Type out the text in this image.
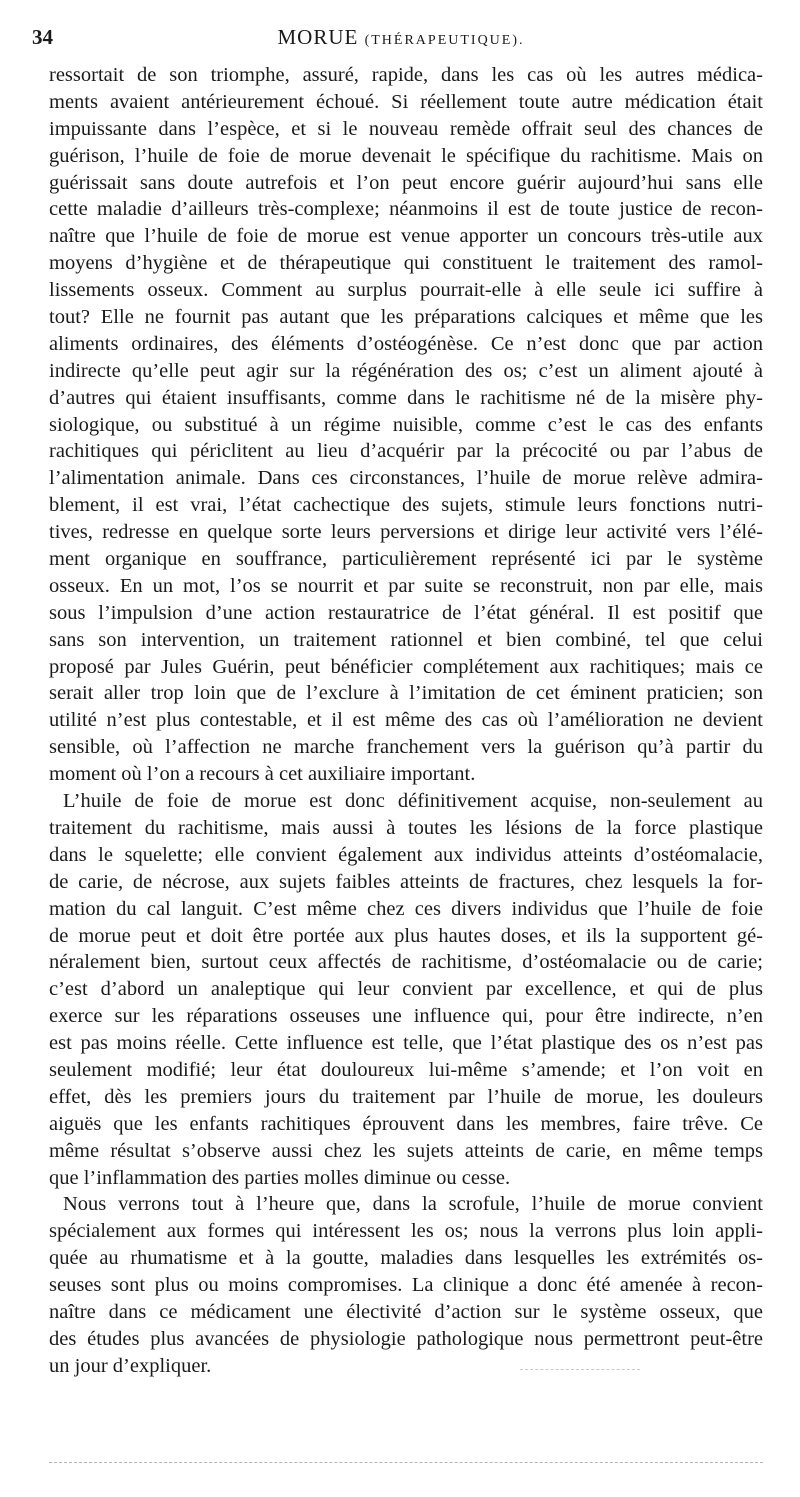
34	MORUE (THÉRAPEUTIQUE).
ressortait de son triomphe, assuré, rapide, dans les cas où les autres médica-
ments avaient antérieurement échoué. Si réellement toute autre médication était
impuissante dans l’espèce, et si le nouveau remède offrait seul des chances de
guérison, l’huile de foie de morue devenait le spécifique du rachitisme. Mais on
guérissait sans doute autrefois et l’on peut encore guérir aujourd’hui sans elle
cette maladie d’ailleurs très-complexe; néanmoins il est de toute justice de recon-
naître que l’huile de foie de morue est venue apporter un concours très-utile aux
moyens d’hygiène et de thérapeutique qui constituent le traitement des ramol-
lissements osseux. Comment au surplus pourrait-elle à elle seule ici suffire à
tout? Elle ne fournit pas autant que les préparations calciques et même que les
aliments ordinaires, des éléments d’ostéogénèse. Ce n’est donc que par action
indirecte qu’elle peut agir sur la régénération des os; c’est un aliment ajouté à
d’autres qui étaient insuffisants, comme dans le rachitisme né de la misère phy-
siologique, ou substitué à un régime nuisible, comme c’est le cas des enfants
rachitiques qui périclitent au lieu d’acquérir par la précocité ou par l’abus de
l’alimentation animale. Dans ces circonstances, l’huile de morue relève admira-
blement, il est vrai, l’état cachectique des sujets, stimule leurs fonctions nutri-
tives, redresse en quelque sorte leurs perversions et dirige leur activité vers l’élé-
ment organique en souffrance, particulièrement représenté ici par le système
osseux. En un mot, l’os se nourrit et par suite se reconstruit, non par elle, mais
sous l’impulsion d’une action restauratrice de l’état général. Il est positif que
sans son intervention, un traitement rationnel et bien combiné, tel que celui
proposé par Jules Guérin, peut bénéficier complétement aux rachitiques; mais ce
serait aller trop loin que de l’exclure à l’imitation de cet éminent praticien; son
utilité n’est plus contestable, et il est même des cas où l’amélioration ne devient
sensible, où l’affection ne marche franchement vers la guérison qu’à partir du
moment où l’on a recours à cet auxiliaire important.
L’huile de foie de morue est donc définitivement acquise, non-seulement au
traitement du rachitisme, mais aussi à toutes les lésions de la force plastique
dans le squelette; elle convient également aux individus atteints d’ostéomalacie,
de carie, de nécrose, aux sujets faibles atteints de fractures, chez lesquels la for-
mation du cal languit. C’est même chez ces divers individus que l’huile de foie
de morue peut et doit être portée aux plus hautes doses, et ils la supportent gé-
néralement bien, surtout ceux affectés de rachitisme, d’ostéomalacie ou de carie;
c’est d’abord un analeptique qui leur convient par excellence, et qui de plus
exerce sur les réparations osseuses une influence qui, pour être indirecte, n’en
est pas moins réelle. Cette influence est telle, que l’état plastique des os n’est pas
seulement modifié; leur état douloureux lui-même s’amende; et l’on voit en
effet, dès les premiers jours du traitement par l’huile de morue, les douleurs
aiguës que les enfants rachitiques éprouvent dans les membres, faire trêve. Ce
même résultat s’observe aussi chez les sujets atteints de carie, en même temps
que l’inflammation des parties molles diminue ou cesse.
Nous verrons tout à l’heure que, dans la scrofule, l’huile de morue convient
spécialement aux formes qui intéressent les os; nous la verrons plus loin appli-
quée au rhumatisme et à la goutte, maladies dans lesquelles les extrémités os-
seuses sont plus ou moins compromises. La clinique a donc été amenée à recon-
naître dans ce médicament une électivité d’action sur le système osseux, que
des études plus avancées de physiologie pathologique nous permettront peut-être
un jour d’expliquer.
